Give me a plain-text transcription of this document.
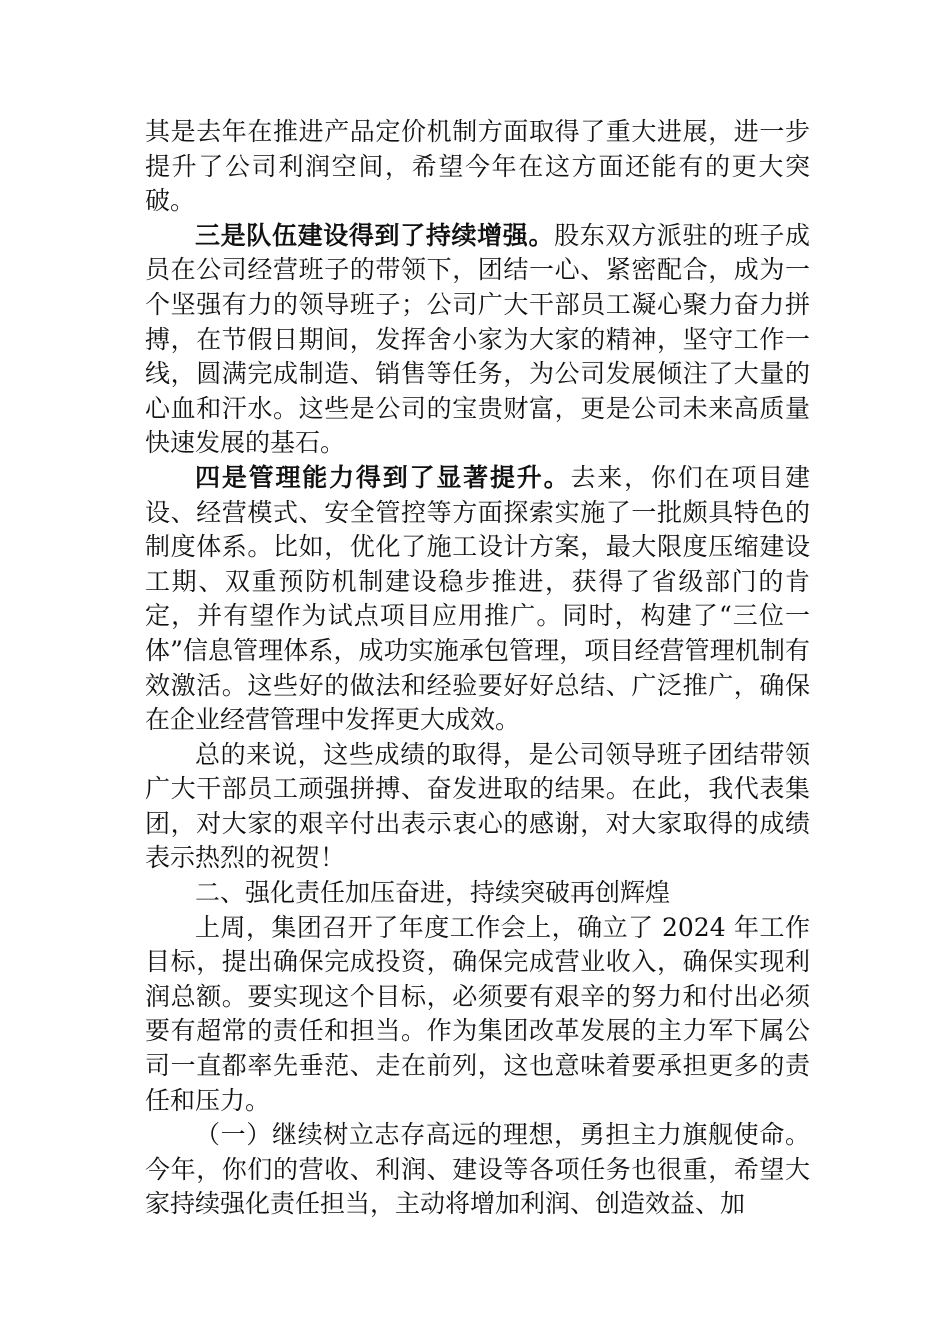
其是去年在推进产品定价机制方面取得了重大进展，进一步提升了公司利润空间，希望今年在这方面还能有的更大突破。

三是队伍建设得到了持续增强。股东双方派驻的班子成员在公司经营班子的带领下，团结一心、紧密配合，成为一个坚强有力的领导班子；公司广大干部员工凝心聚力奋力拼搏，在节假日期间，发挥舍小家为大家的精神，坚守工作一线，圆满完成制造、销售等任务，为公司发展倾注了大量的心血和汗水。这些是公司的宝贵财富，更是公司未来高质量快速发展的基石。

四是管理能力得到了显著提升。去来，你们在项目建设、经营模式、安全管控等方面探索实施了一批颇具特色的制度体系。比如，优化了施工设计方案，最大限度压缩建设工期、双重预防机制建设稳步推进，获得了省级部门的肯定，并有望作为试点项目应用推广。同时，构建了“三位一体”信息管理体系，成功实施承包管理，项目经营管理机制有效激活。这些好的做法和经验要好好总结、广泛推广，确保在企业经营管理中发挥更大成效。

总的来说，这些成绩的取得，是公司领导班子团结带领广大干部员工顽强拼搏、奋发进取的结果。在此，我代表集团，对大家的艰辛付出表示衷心的感谢，对大家取得的成绩表示热烈的祝贺！

二、强化责任加压奋进，持续突破再创辉煌

上周，集团召开了年度工作会上，确立了 2024 年工作目标，提出确保完成投资，确保完成营业收入，确保实现利润总额。要实现这个目标，必须要有艰辛的努力和付出必须要有超常的责任和担当。作为集团改革发展的主力军下属公司一直都率先垂范、走在前列，这也意味着要承担更多的责任和压力。

（一）继续树立志存高远的理想，勇担主力旗舰使命。今年，你们的营收、利润、建设等各项任务也很重，希望大家持续强化责任担当，主动将增加利润、创造效益、加
